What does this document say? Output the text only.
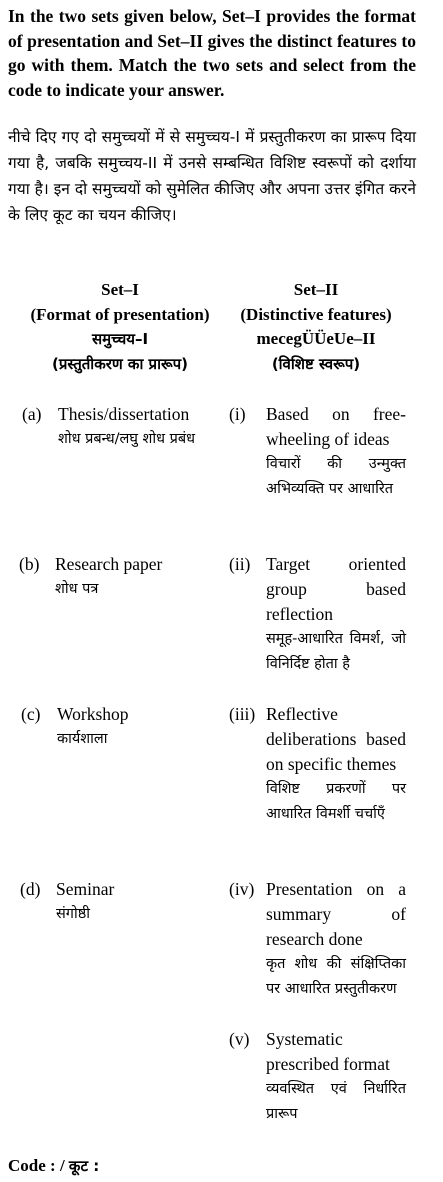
In the two sets given below, Set–I provides the format of presentation and Set–II gives the distinct features to go with them. Match the two sets and select from the code to indicate your answer.
नीचे दिए गए दो समुच्चयों में से समुच्चय-I में प्रस्तुतीकरण का प्रारूप दिया गया है, जबकि समुच्चय-II में उनसे सम्बन्धित विशिष्ट स्वरूपों को दर्शाया गया है। इन दो समुच्चयों को सुमेलित कीजिए और अपना उत्तर इंगित करने के लिए कूट का चयन कीजिए।
Set–I
(Format of presentation)
समुच्चय–I
(प्रस्तुतीकरण का प्रारूप)
Set–II
(Distinctive features)
mecegÜÜeUe–II
(विशिष्ट स्वरूप)
(a) Thesis/dissertation
शोध प्रबन्ध/लघु शोध प्रबंध
(b) Research paper
शोध पत्र
(c) Workshop
कार्यशाला
(d) Seminar
संगोष्ठी
(i) Based on free-wheeling of ideas
विचारों की उन्मुक्त अभिव्यक्ति पर आधारित
(ii) Target oriented group based reflection
समूह-आधारित विमर्श, जो विनिर्दिष्ट होता है
(iii) Reflective deliberations based on specific themes
विशिष्ट प्रकरणों पर आधारित विमर्शी चर्चाएँ
(iv) Presentation on a summary of research done
कृत शोध की संक्षिप्तिका पर आधारित प्रस्तुतीकरण
(v) Systematic prescribed format
व्यवस्थित एवं निर्धारित प्रारूप
Code : / कूट :
